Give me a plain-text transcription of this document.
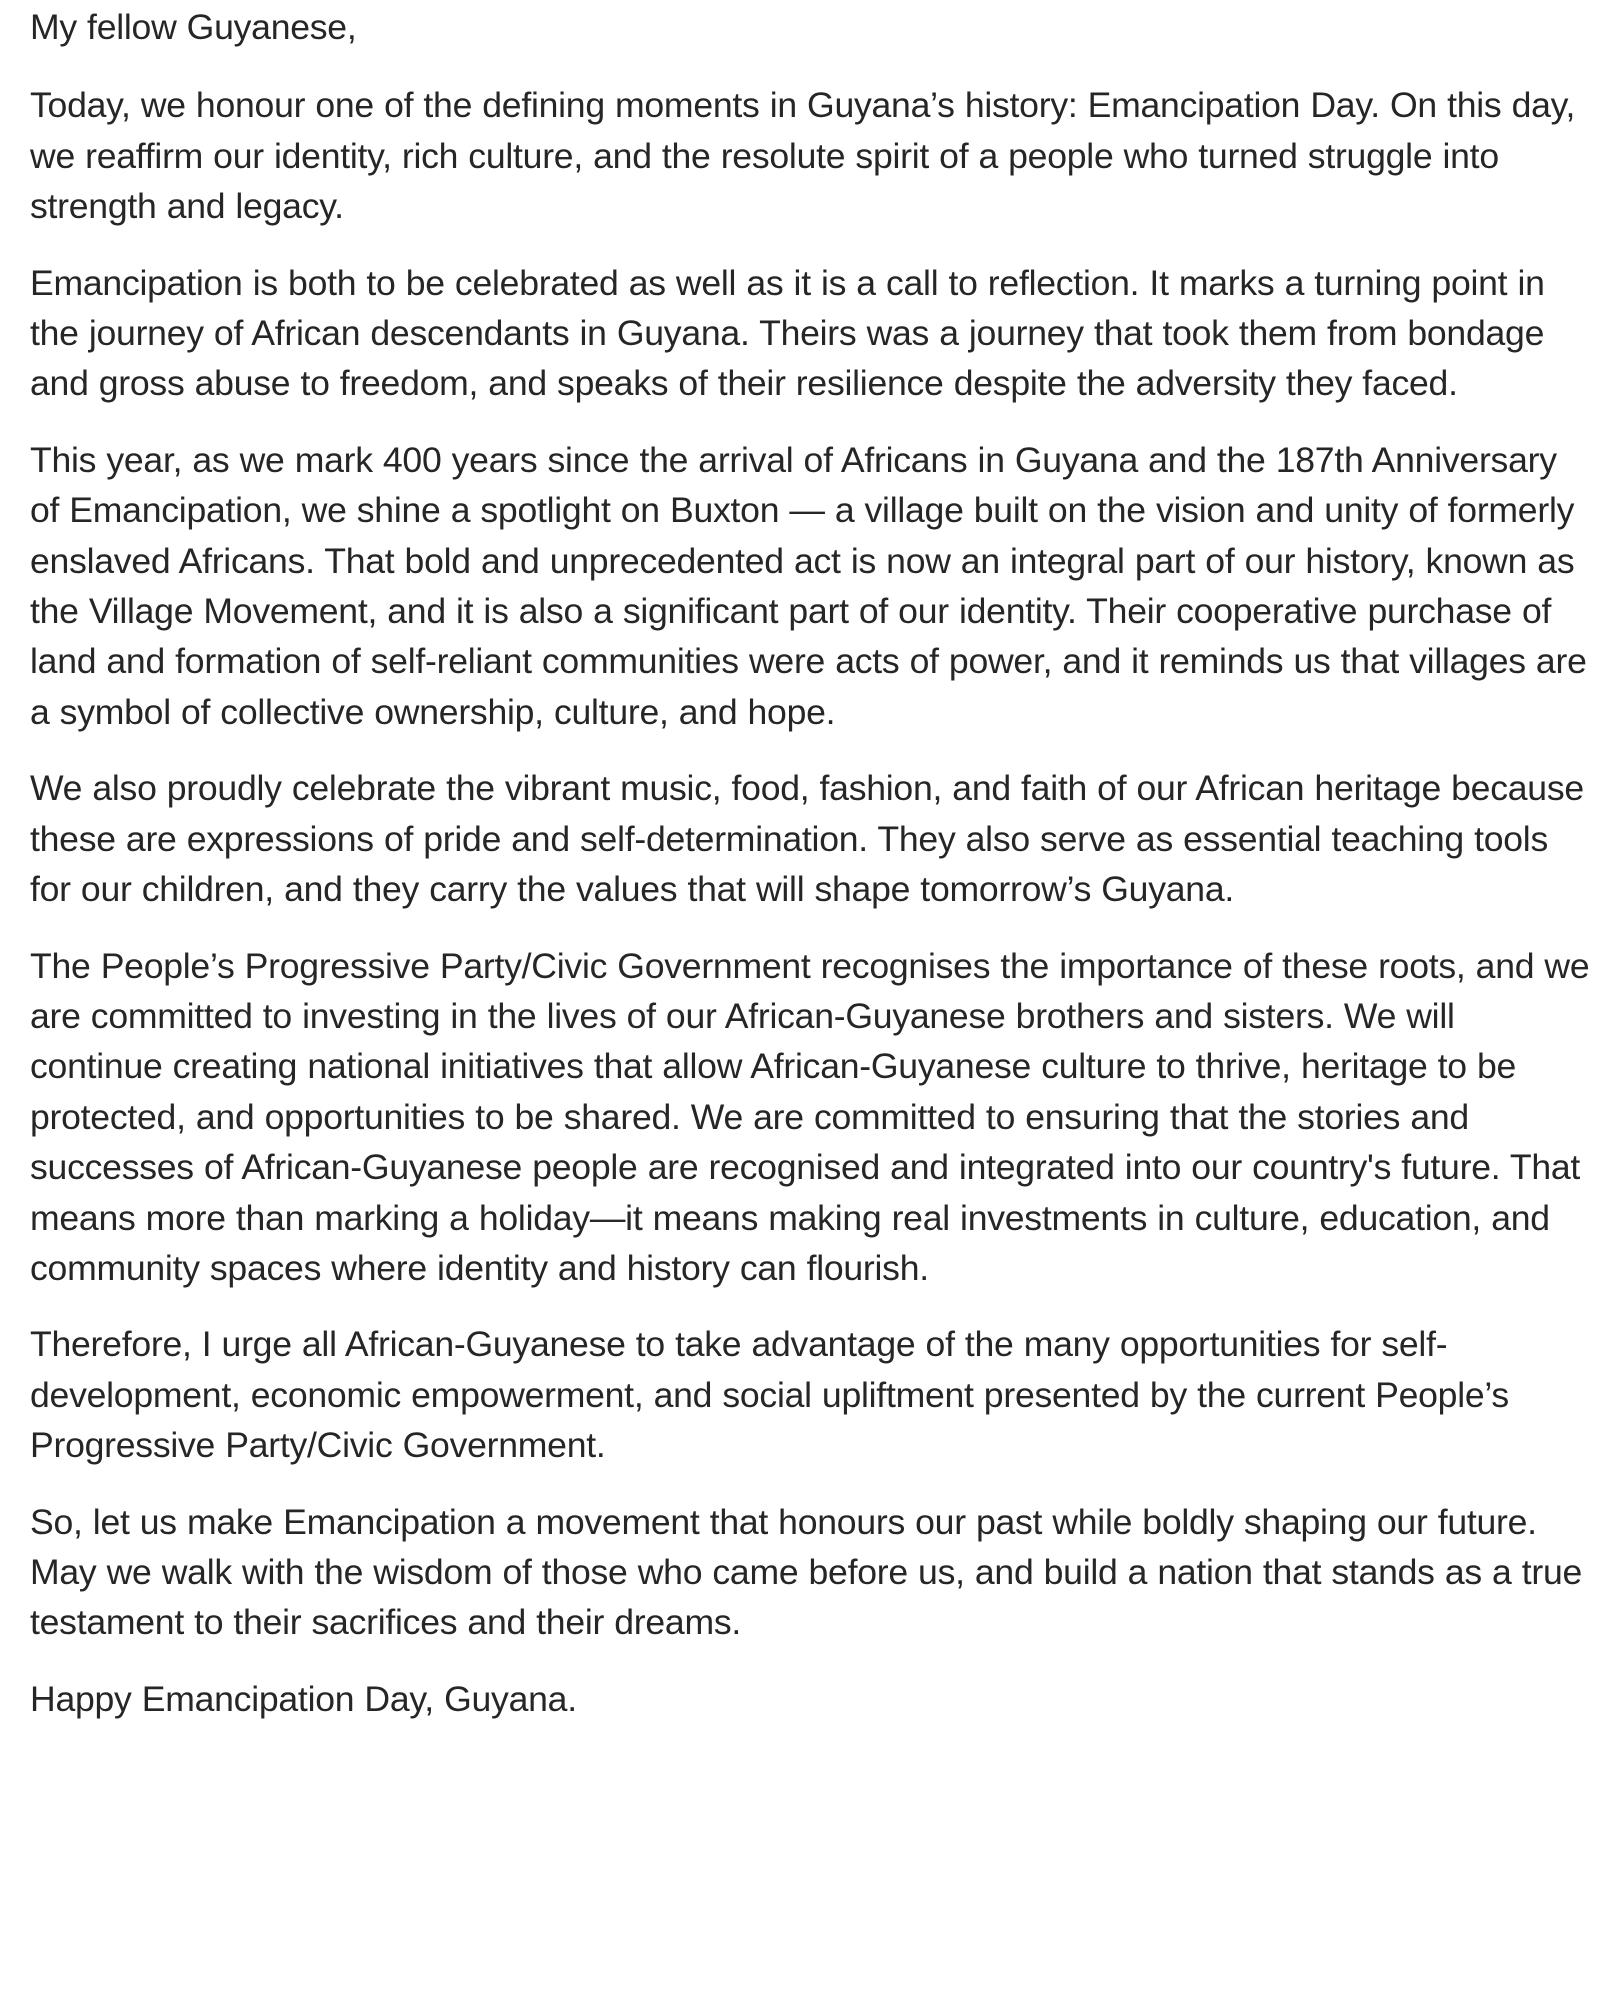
My fellow Guyanese,

Today, we honour one of the defining moments in Guyana’s history: Emancipation Day. On this day, we reaffirm our identity, rich culture, and the resolute spirit of a people who turned struggle into strength and legacy.

Emancipation is both to be celebrated as well as it is a call to reflection. It marks a turning point in the journey of African descendants in Guyana. Theirs was a journey that took them from bondage and gross abuse to freedom, and speaks of their resilience despite the adversity they faced.

This year, as we mark 400 years since the arrival of Africans in Guyana and the 187th Anniversary of Emancipation, we shine a spotlight on Buxton — a village built on the vision and unity of formerly enslaved Africans. That bold and unprecedented act is now an integral part of our history, known as the Village Movement, and it is also a significant part of our identity. Their cooperative purchase of land and formation of self-reliant communities were acts of power, and it reminds us that villages are a symbol of collective ownership, culture, and hope.

We also proudly celebrate the vibrant music, food, fashion, and faith of our African heritage because these are expressions of pride and self-determination. They also serve as essential teaching tools for our children, and they carry the values that will shape tomorrow’s Guyana.

The People’s Progressive Party/Civic Government recognises the importance of these roots, and we are committed to investing in the lives of our African-Guyanese brothers and sisters. We will continue creating national initiatives that allow African-Guyanese culture to thrive, heritage to be protected, and opportunities to be shared. We are committed to ensuring that the stories and successes of African-Guyanese people are recognised and integrated into our country's future. That means more than marking a holiday—it means making real investments in culture, education, and community spaces where identity and history can flourish.

Therefore, I urge all African-Guyanese to take advantage of the many opportunities for self-development, economic empowerment, and social upliftment presented by the current People’s Progressive Party/Civic Government.

So, let us make Emancipation a movement that honours our past while boldly shaping our future. May we walk with the wisdom of those who came before us, and build a nation that stands as a true testament to their sacrifices and their dreams.

Happy Emancipation Day, Guyana.
